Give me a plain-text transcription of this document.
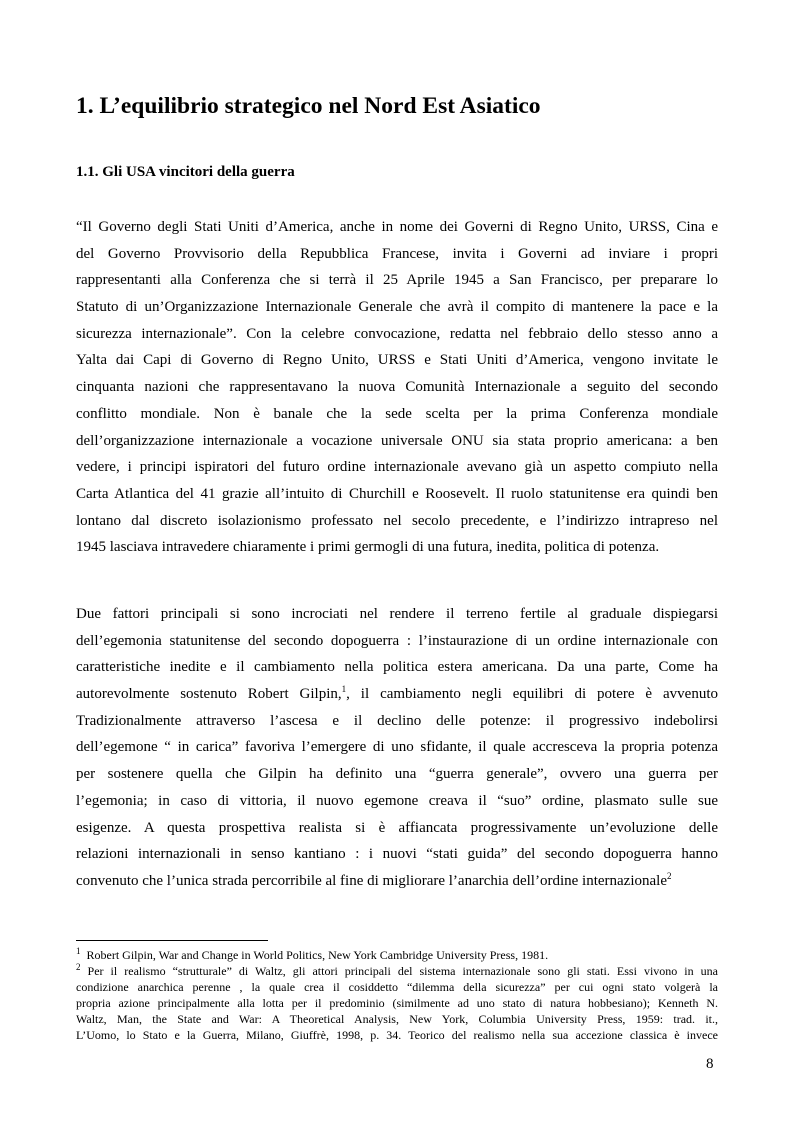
1. L’equilibrio strategico nel Nord Est Asiatico
1.1. Gli USA vincitori della guerra
“Il Governo degli Stati Uniti d’America, anche in nome dei Governi di Regno Unito, URSS, Cina e
del Governo Provvisorio della Repubblica Francese, invita i Governi ad inviare i propri
rappresentanti alla Conferenza che si terrà il 25 Aprile 1945 a San Francisco, per preparare lo
Statuto di un’Organizzazione Internazionale Generale che avrà il compito di mantenere la pace e la
sicurezza internazionale”. Con la celebre convocazione, redatta nel febbraio dello stesso anno a
Yalta dai Capi di Governo di Regno Unito, URSS e Stati Uniti d’America, vengono invitate le
cinquanta nazioni che rappresentavano la nuova Comunità Internazionale a seguito del secondo
conflitto mondiale. Non è banale che la sede scelta per la prima Conferenza mondiale
dell’organizzazione internazionale a vocazione universale ONU sia stata proprio americana: a ben
vedere, i principi ispiratori del futuro ordine internazionale avevano già un aspetto compiuto nella
Carta Atlantica del 41 grazie all’intuito di Churchill e Roosevelt. Il ruolo statunitense era quindi ben
lontano dal discreto isolazionismo professato nel secolo precedente, e l’indirizzo intrapreso nel
1945 lasciava intravedere chiaramente i primi germogli di una futura, inedita, politica di potenza.
Due fattori principali si sono incrociati nel rendere il terreno fertile al graduale dispiegarsi
dell’egemonia statunitense del secondo dopoguerra : l’instaurazione di un ordine internazionale con
caratteristiche inedite e il cambiamento nella politica estera americana. Da una parte, Come ha
autorevolmente sostenuto Robert Gilpin,$^1$, il cambiamento negli equilibri di potere è avvenuto
Tradizionalmente attraverso l’ascesa e il declino delle potenze: il progressivo indebolirsi
dell’egemone “ in carica” favoriva l’emergere di uno sfidante, il quale accresceva la propria potenza
per sostenere quella che Gilpin ha definito una “guerra generale”, ovvero una guerra per
l’egemonia; in caso di vittoria, il nuovo egemone creava il “suo” ordine, plasmato sulle sue
esigenze. A questa prospettiva realista si è affiancata progressivamente un’evoluzione delle
relazioni internazionali in senso kantiano : i nuovi “stati guida” del secondo dopoguerra hanno
convenuto che l’unica strada percorribile al fine di migliorare l’anarchia dell’ordine internazionale$^2$
$^1$ Robert Gilpin, War and Change in World Politics, New York Cambridge University Press, 1981.
$^2$ Per il realismo “strutturale” di Waltz, gli attori principali del sistema internazionale sono gli stati. Essi vivono in una
condizione anarchica perenne , la quale crea il cosiddetto “dilemma della sicurezza” per cui ogni stato volgerà la
propria azione principalmente alla lotta per il predominio (similmente ad uno stato di natura hobbesiano); Kenneth N.
Waltz, Man, the State and War: A Theoretical Analysis, New York, Columbia University Press, 1959: trad. it.,
L’Uomo, lo Stato e la Guerra, Milano, Giuffrè, 1998, p. 34. Teorico del realismo nella sua accezione classica è invece
8
